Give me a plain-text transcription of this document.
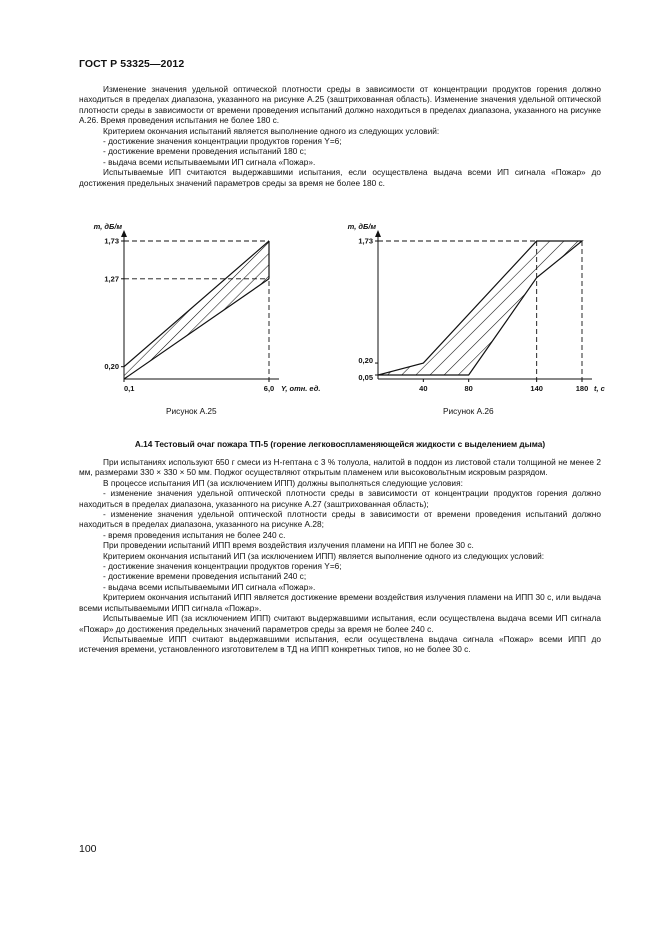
ГОСТ Р 53325—2012

Изменение значения удельной оптической плотности среды в зависимости от концентрации продуктов горения должно находиться в пределах диапазона, указанного на рисунке А.25 (заштрихованная область). Изменение значения удельной оптической плотности среды в зависимости от времени проведения испытаний должно находиться в пределах диапазона, указанного на рисунке А.26. Время проведения испытания не более 180 с.

Критерием окончания испытаний является выполнение одного из следующих условий:

- достижение значения концентрации продуктов горения Y=6;

- достижение времени проведения испытаний 180 с;

- выдача всеми испытываемыми ИП сигнала «Пожар».

Испытываемые ИП считаются выдержавшими испытания, если осуществлена выдача всеми ИП сигнала «Пожар» до достижения предельных значений параметров среды за время не более 180 с.

0,20
1,27
1,73
0,1	6,0 Y, отн. ед.
m, дБ/м
0,05
0,20
1,73
40	80	140	180 t, с
m, дБ/м
Рисунок А.25	Рисунок А.26
А.14 Тестовый очаг пожара ТП-5 (горение легковоспламеняющейся жидкости с выделением дыма)

При испытаниях используют 650 г смеси из Н-гептана с 3 % толуола, налитой в поддон из листовой стали толщиной не менее 2 мм, размерами 330 × 330 × 50 мм. Поджог осуществляют открытым пламенем или высоковольтным искровым разрядом.

В процессе испытания ИП (за исключением ИПП) должны выполняться следующие условия:

- изменение значения удельной оптической плотности среды в зависимости от концентрации продуктов горения должно находиться в пределах диапазона, указанного на рисунке А.27 (заштрихованная область);

- изменение значения удельной оптической плотности среды в зависимости от времени проведения испытаний должно находиться в пределах диапазона, указанного на рисунке А.28;

- время проведения испытания не более 240 с.

При проведении испытаний ИПП время воздействия излучения пламени на ИПП не более 30 с.

Критерием окончания испытаний ИП (за исключением ИПП) является выполнение одного из следующих условий:

- достижение значения концентрации продуктов горения Y=6;

- достижение времени проведения испытаний 240 с;

- выдача всеми испытываемыми ИП сигнала «Пожар».

Критерием окончания испытаний ИПП является достижение времени воздействия излучения пламени на ИПП 30 с, или выдача всеми испытываемыми ИПП сигнала «Пожар».

Испытываемые ИП (за исключением ИПП) считают выдержавшими испытания, если осуществлена выдача всеми ИП сигнала «Пожар» до достижения предельных значений параметров среды за время не более 240 с.

Испытываемые ИПП считают выдержавшими испытания, если осуществлена выдача сигнала «Пожар» всеми ИПП до истечения времени, установленного изготовителем в ТД на ИПП конкретных типов, но не более 30 с.

100
